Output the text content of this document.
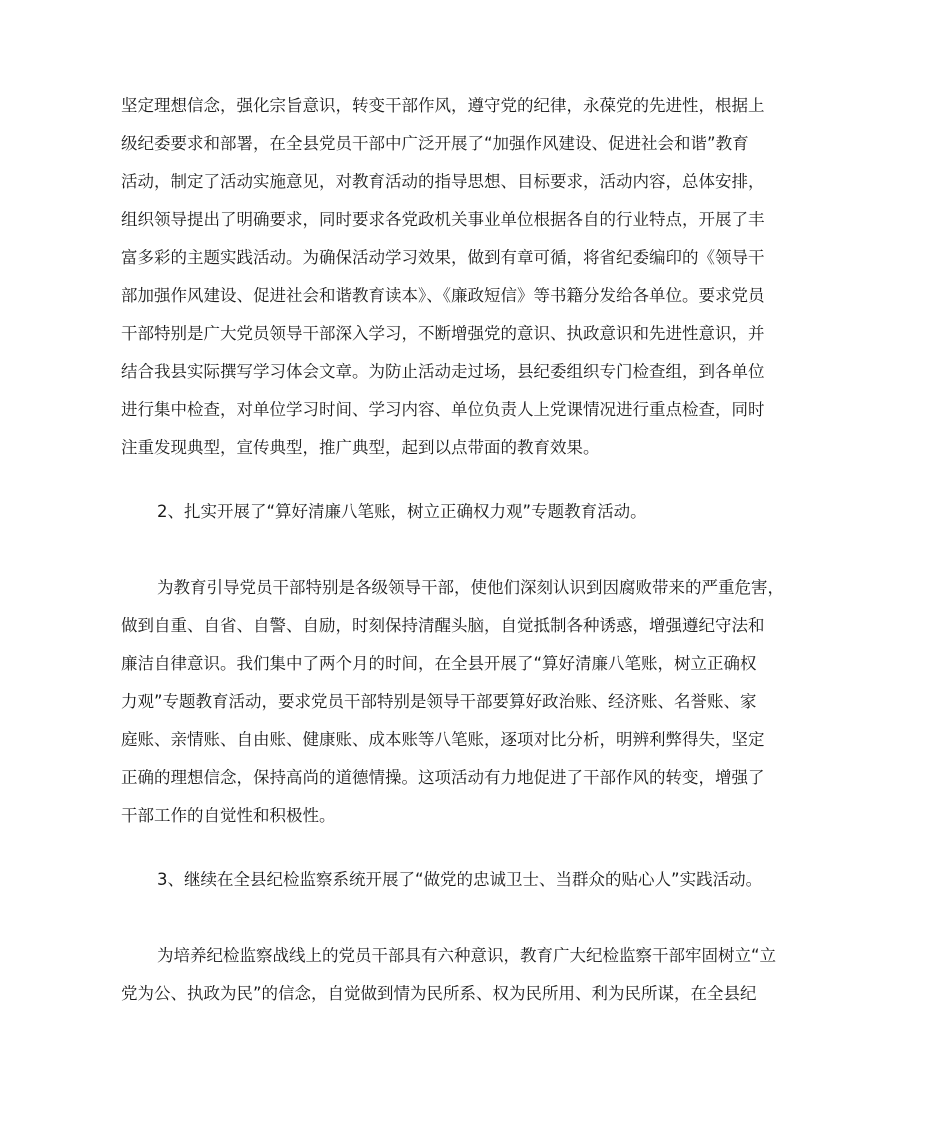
坚定理想信念，强化宗旨意识，转变干部作风，遵守党的纪律，永葆党的先进性，根据上
级纪委要求和部署，在全县党员干部中广泛开展了“加强作风建设、促进社会和谐”教育
活动，制定了活动实施意见，对教育活动的指导思想、目标要求，活动内容，总体安排，
组织领导提出了明确要求，同时要求各党政机关事业单位根据各自的行业特点，开展了丰
富多彩的主题实践活动。为确保活动学习效果，做到有章可循，将省纪委编印的《领导干
部加强作风建设、促进社会和谐教育读本》、《廉政短信》等书籍分发给各单位。要求党员
干部特别是广大党员领导干部深入学习，不断增强党的意识、执政意识和先进性意识，并
结合我县实际撰写学习体会文章。为防止活动走过场，县纪委组织专门检查组，到各单位
进行集中检查，对单位学习时间、学习内容、单位负责人上党课情况进行重点检查，同时
注重发现典型，宣传典型，推广典型，起到以点带面的教育效果。
2、扎实开展了“算好清廉八笔账，树立正确权力观”专题教育活动。
为教育引导党员干部特别是各级领导干部，使他们深刻认识到因腐败带来的严重危害，
做到自重、自省、自警、自励，时刻保持清醒头脑，自觉抵制各种诱惑，增强遵纪守法和
廉洁自律意识。我们集中了两个月的时间，在全县开展了“算好清廉八笔账，树立正确权
力观”专题教育活动，要求党员干部特别是领导干部要算好政治账、经济账、名誉账、家
庭账、亲情账、自由账、健康账、成本账等八笔账，逐项对比分析，明辨利弊得失，坚定
正确的理想信念，保持高尚的道德情操。这项活动有力地促进了干部作风的转变，增强了
干部工作的自觉性和积极性。
3、继续在全县纪检监察系统开展了“做党的忠诚卫士、当群众的贴心人”实践活动。
为培养纪检监察战线上的党员干部具有六种意识，教育广大纪检监察干部牢固树立“立
党为公、执政为民”的信念，自觉做到情为民所系、权为民所用、利为民所谋，在全县纪
